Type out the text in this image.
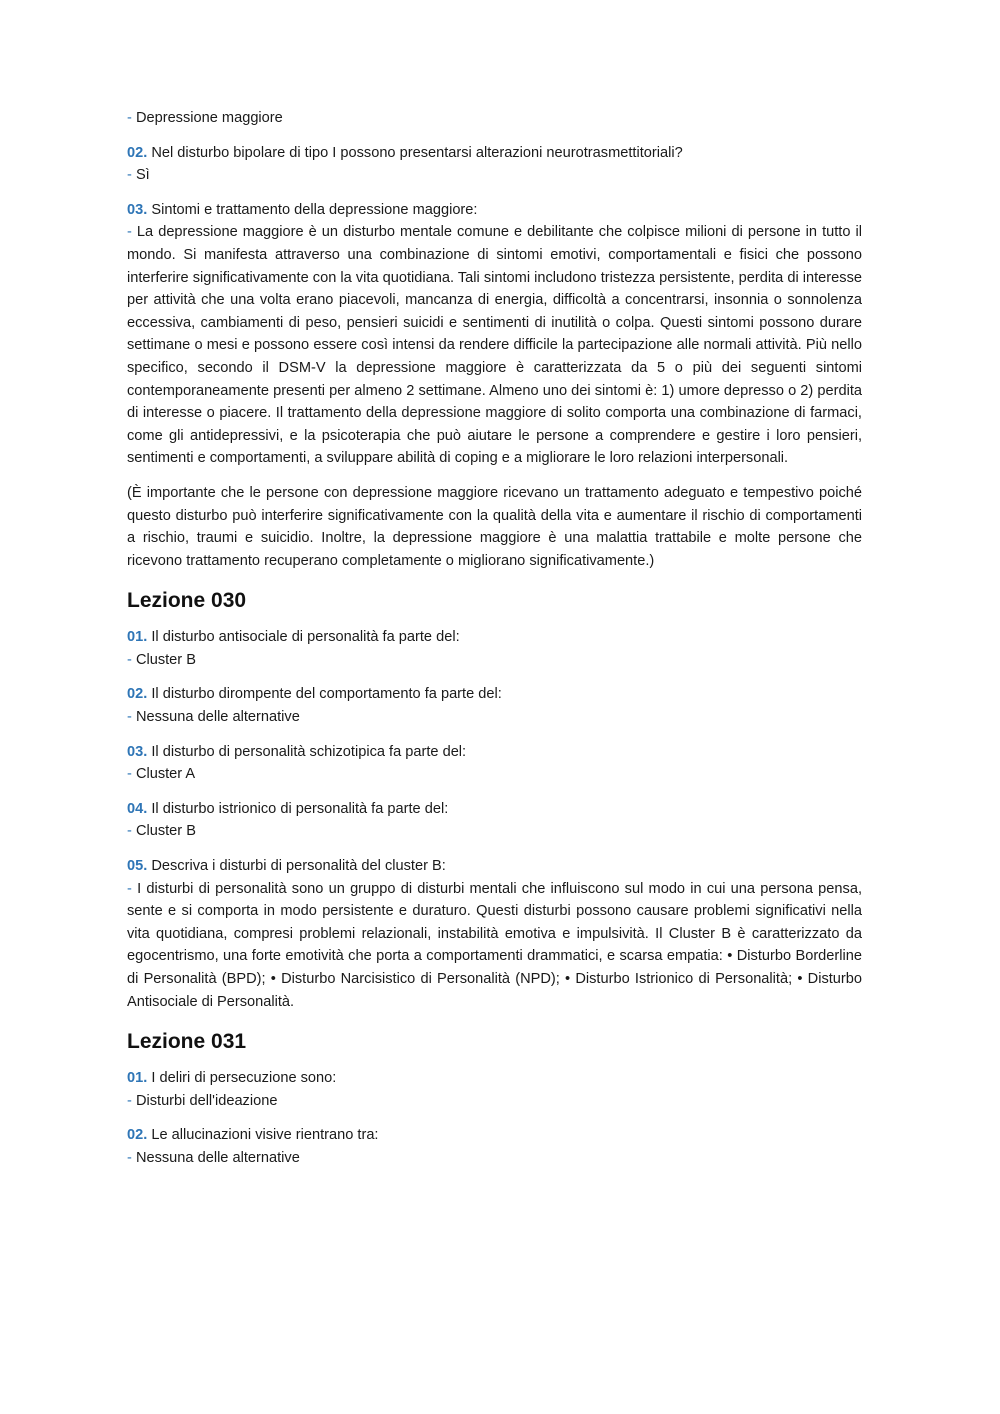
- Depressione maggiore

02. Nel disturbo bipolare di tipo I possono presentarsi alterazioni neurotrasmettitoriali?

- Sì

03. Sintomi e trattamento della depressione maggiore:

- La depressione maggiore è un disturbo mentale comune e debilitante che colpisce milioni di persone in tutto il mondo. Si manifesta attraverso una combinazione di sintomi emotivi, comportamentali e fisici che possono interferire significativamente con la vita quotidiana. Tali sintomi includono tristezza persistente, perdita di interesse per attività che una volta erano piacevoli, mancanza di energia, difficoltà a concentrarsi, insonnia o sonnolenza eccessiva, cambiamenti di peso, pensieri suicidi e sentimenti di inutilità o colpa. Questi sintomi possono durare settimane o mesi e possono essere così intensi da rendere difficile la partecipazione alle normali attività. Più nello specifico, secondo il DSM-V la depressione maggiore è caratterizzata da 5 o più dei seguenti sintomi contemporaneamente presenti per almeno 2 settimane. Almeno uno dei sintomi è: 1) umore depresso o 2) perdita di interesse o piacere. Il trattamento della depressione maggiore di solito comporta una combinazione di farmaci, come gli antidepressivi, e la psicoterapia che può aiutare le persone a comprendere e gestire i loro pensieri, sentimenti e comportamenti, a sviluppare abilità di coping e a migliorare le loro relazioni interpersonali.

(È importante che le persone con depressione maggiore ricevano un trattamento adeguato e tempestivo poiché questo disturbo può interferire significativamente con la qualità della vita e aumentare il rischio di comportamenti a rischio, traumi e suicidio. Inoltre, la depressione maggiore è una malattia trattabile e molte persone che ricevono trattamento recuperano completamente o migliorano significativamente.)

Lezione 030

01. Il disturbo antisociale di personalità fa parte del:

- Cluster B

02. Il disturbo dirompente del comportamento fa parte del:

- Nessuna delle alternative

03. Il disturbo di personalità schizotipica fa parte del:

- Cluster A

04. Il disturbo istrionico di personalità fa parte del:

- Cluster B

05. Descriva i disturbi di personalità del cluster B:

- I disturbi di personalità sono un gruppo di disturbi mentali che influiscono sul modo in cui una persona pensa, sente e si comporta in modo persistente e duraturo. Questi disturbi possono causare problemi significativi nella vita quotidiana, compresi problemi relazionali, instabilità emotiva e impulsività. Il Cluster B è caratterizzato da egocentrismo, una forte emotività che porta a comportamenti drammatici, e scarsa empatia: • Disturbo Borderline di Personalità (BPD); • Disturbo Narcisistico di Personalità (NPD); • Disturbo Istrionico di Personalità; • Disturbo Antisociale di Personalità.

Lezione 031

01. I deliri di persecuzione sono:

- Disturbi dell'ideazione

02. Le allucinazioni visive rientrano tra:

- Nessuna delle alternative
